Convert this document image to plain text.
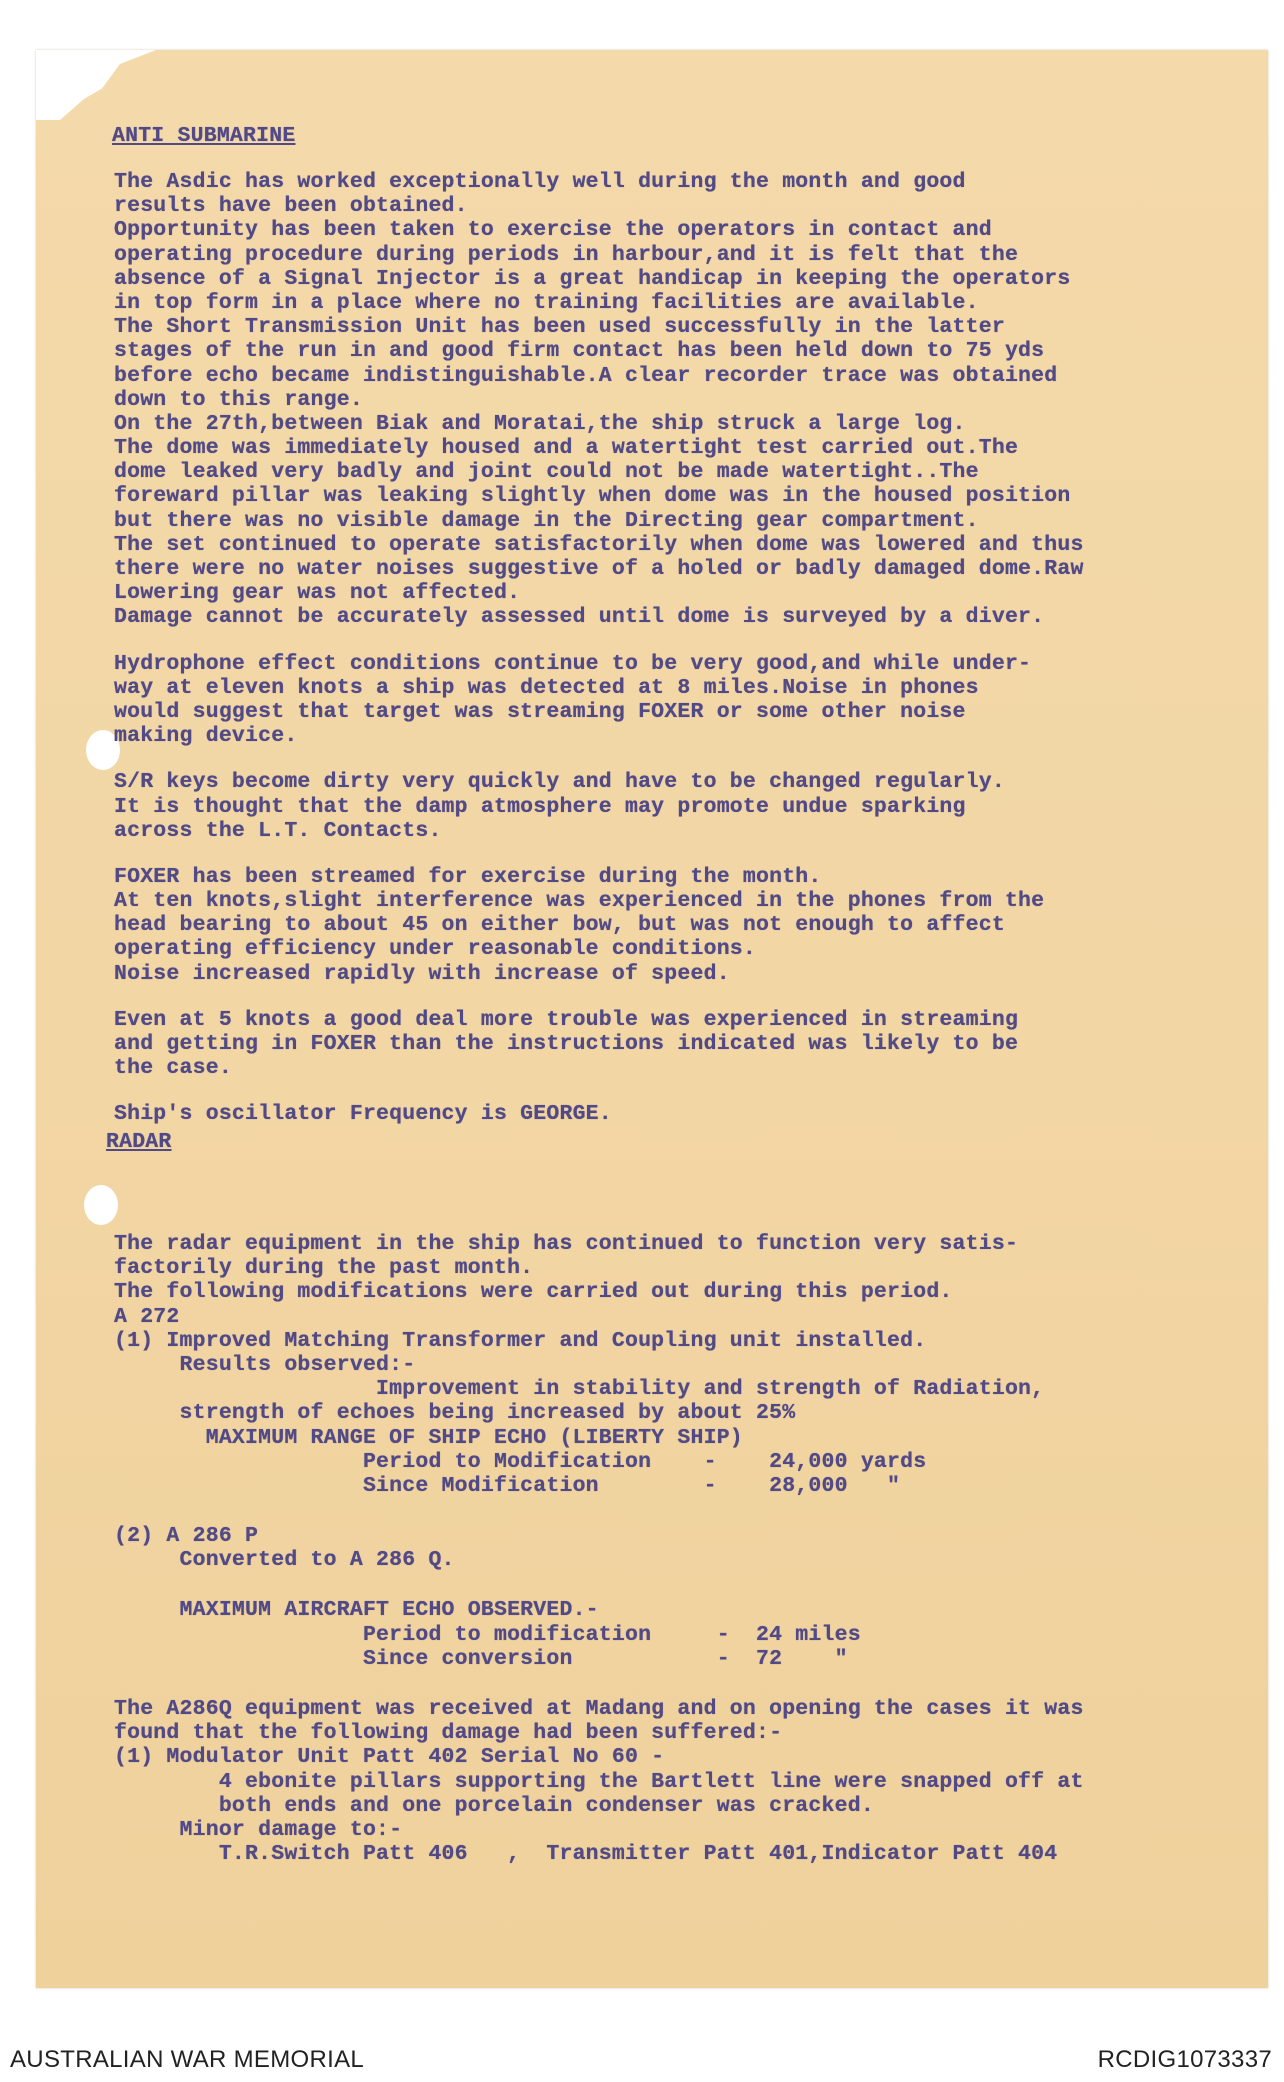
ANTI SUBMARINE
The Asdic has worked exceptionally well during the month and good
results have been obtained.
Opportunity has been taken to exercise the operators in contact and
operating procedure during periods in harbour,and it is felt that the
absence of a Signal Injector is a great handicap in keeping the operators
in top form in a place where no training facilities are available.
The Short Transmission Unit has been used successfully in the latter
stages of the run in and good firm contact has been held down to 75 yds
before echo became indistinguishable.A clear recorder trace was obtained
down to this range.
On the 27th,between Biak and Moratai,the ship struck a large log.
The dome was immediately housed and a watertight test carried out.The
dome leaked very badly and joint could not be made watertight..The
foreward pillar was leaking slightly when dome was in the housed position
but there was no visible damage in the Directing gear compartment.
The set continued to operate satisfactorily when dome was lowered and thus
there were no water noises suggestive of a holed or badly damaged dome.Raw
Lowering gear was not affected.
Damage cannot be accurately assessed until dome is surveyed by a diver.
Hydrophone effect conditions continue to be very good,and while under-
way at eleven knots a ship was detected at 8 miles.Noise in phones
would suggest that target was streaming FOXER or some other noise
making device.
S/R keys become dirty very quickly and have to be changed regularly.
It is thought that the damp atmosphere may promote undue sparking
across the L.T. Contacts.
FOXER has been streamed for exercise during the month.
At ten knots,slight interference was experienced in the phones from the
head bearing to about 45 on either bow, but was not enough to affect
operating efficiency under reasonable conditions.
Noise increased rapidly with increase of speed.
Even at 5 knots a good deal more trouble was experienced in streaming
and getting in FOXER than the instructions indicated was likely to be
the case.
Ship's oscillator Frequency is GEORGE.
RADAR
The radar equipment in the ship has continued to function very satis-
factorily during the past month.
The following modifications were carried out during this period.
A 272
(1) Improved Matching Transformer and Coupling unit installed.
Results observed:-
Improvement in stability and strength of Radiation,
strength of echoes being increased by about 25%
MAXIMUM RANGE OF SHIP ECHO (LIBERTY SHIP)
Period to Modification    -    24,000 yards
Since Modification        -    28,000   "
(2) A 286 P
Converted to A 286 Q.
MAXIMUM AIRCRAFT ECHO OBSERVED.-
Period to modification     -  24 miles
Since conversion           -  72    "
The A286Q equipment was received at Madang and on opening the cases it was
found that the following damage had been suffered:-
(1) Modulator Unit Patt 402 Serial No 60 -
4 ebonite pillars supporting the Bartlett line were snapped off at
both ends and one porcelain condenser was cracked.
Minor damage to:-
T.R.Switch Patt 406   ,  Transmitter Patt 401,Indicator Patt 404
AUSTRALIAN WAR MEMORIAL	RCDIG1073337
